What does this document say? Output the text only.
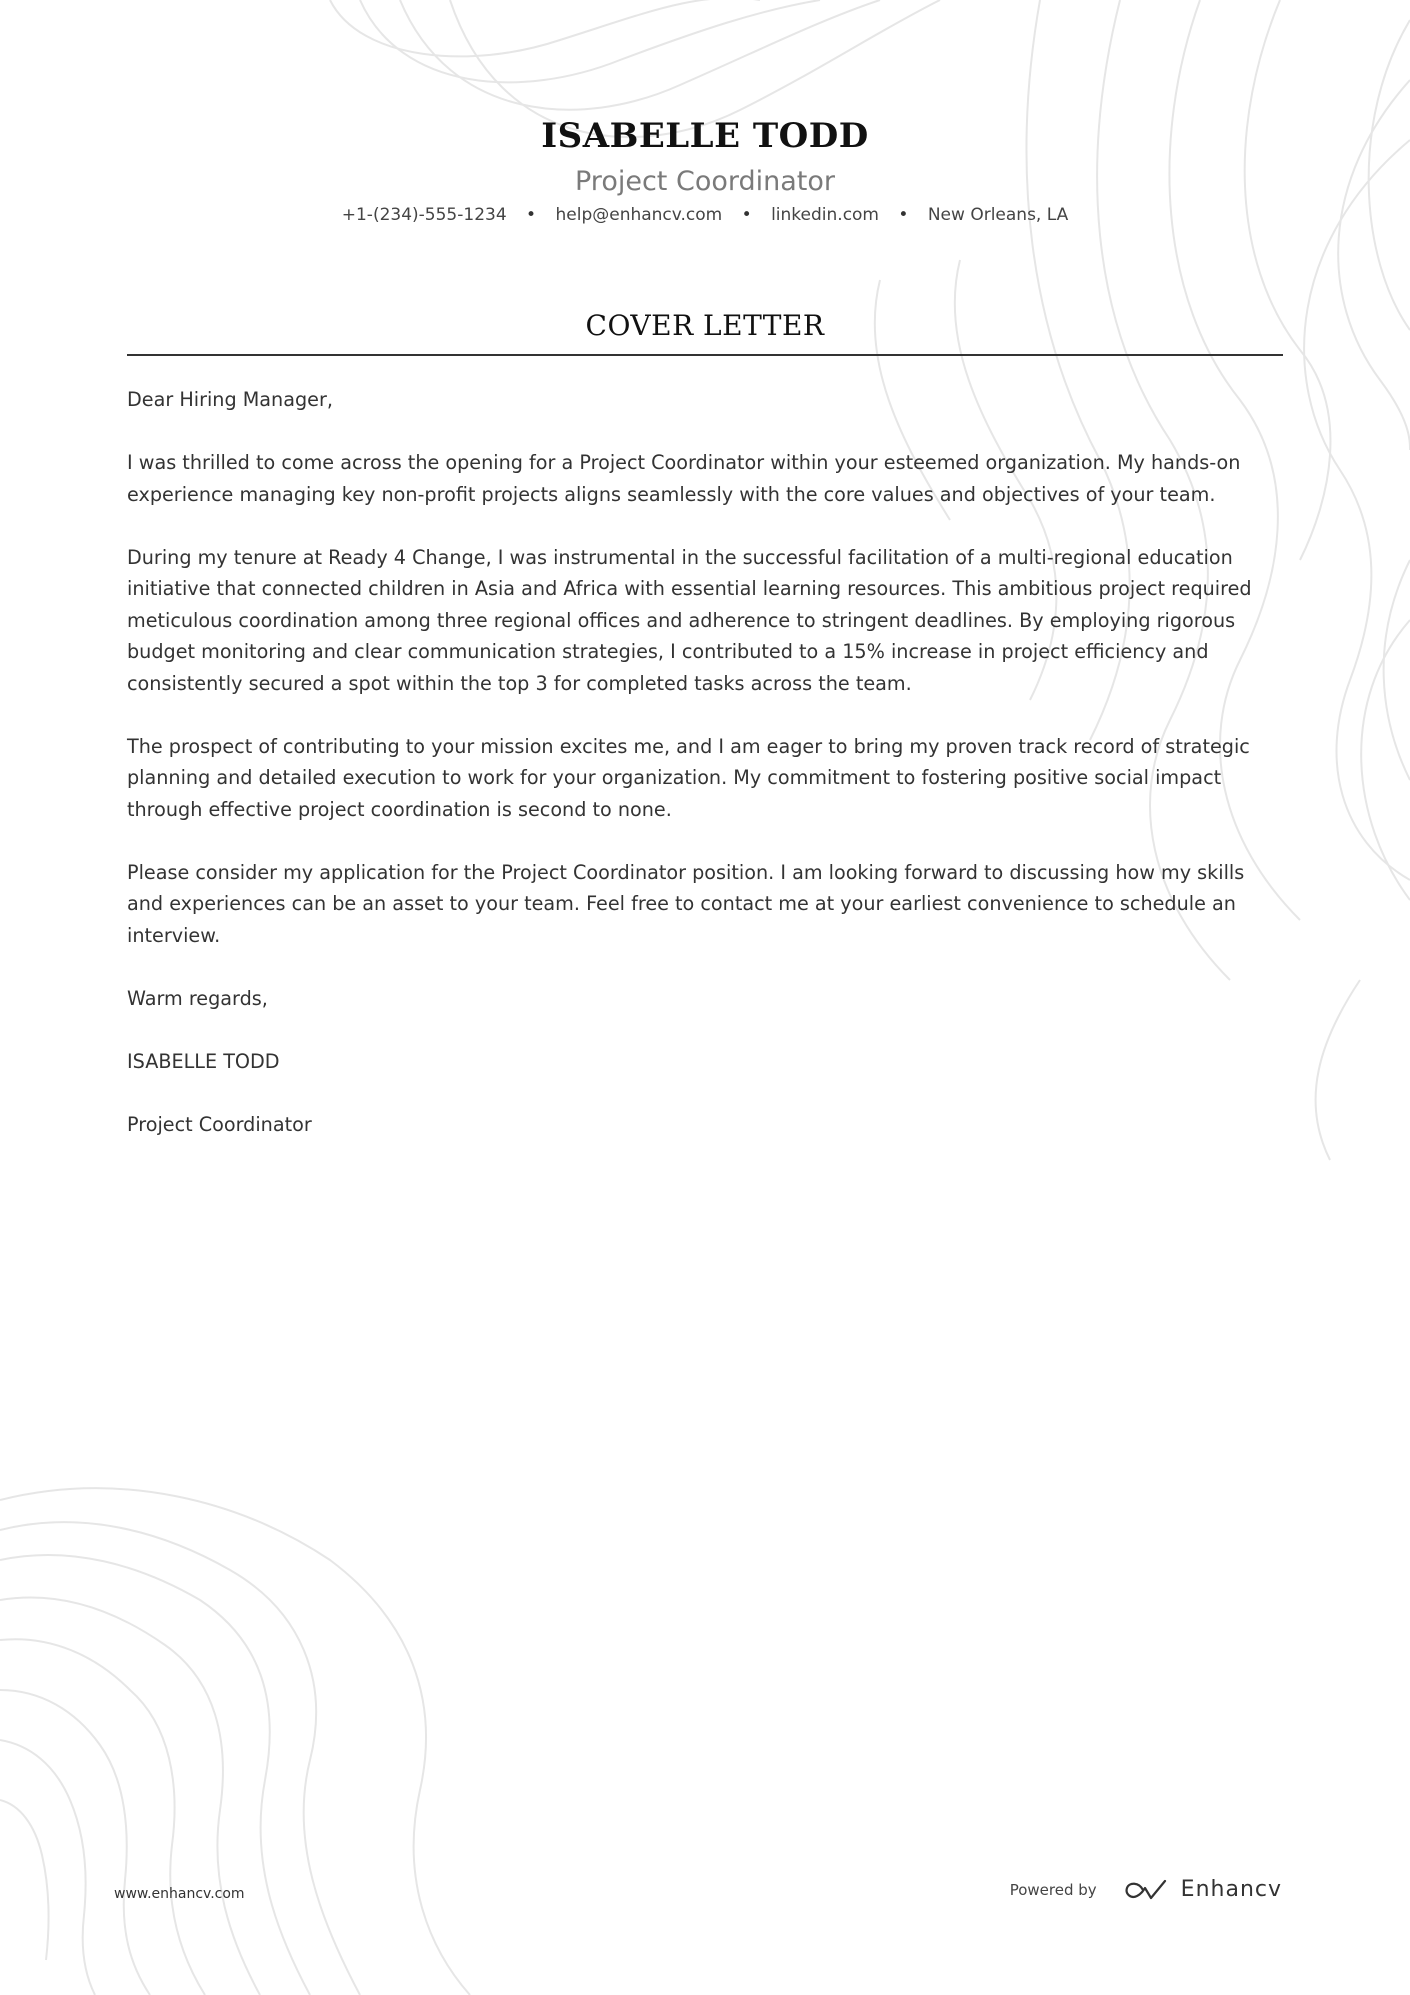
ISABELLE TODD
Project Coordinator
+1-(234)-555-1234 • help@enhancv.com • linkedin.com • New Orleans, LA
COVER LETTER

Dear Hiring Manager,

I was thrilled to come across the opening for a Project Coordinator within your esteemed organization. My hands-on experience managing key non-profit projects aligns seamlessly with the core values and objectives of your team.

During my tenure at Ready 4 Change, I was instrumental in the successful facilitation of a multi-regional education initiative that connected children in Asia and Africa with essential learning resources. This ambitious project required meticulous coordination among three regional offices and adherence to stringent deadlines. By employing rigorous budget monitoring and clear communication strategies, I contributed to a 15% increase in project efficiency and consistently secured a spot within the top 3 for completed tasks across the team.

The prospect of contributing to your mission excites me, and I am eager to bring my proven track record of strategic planning and detailed execution to work for your organization. My commitment to fostering positive social impact through effective project coordination is second to none.

Please consider my application for the Project Coordinator position. I am looking forward to discussing how my skills and experiences can be an asset to your team. Feel free to contact me at your earliest convenience to schedule an interview.

Warm regards,

ISABELLE TODD

Project Coordinator

www.enhancv.com	Powered by	Enhancv
